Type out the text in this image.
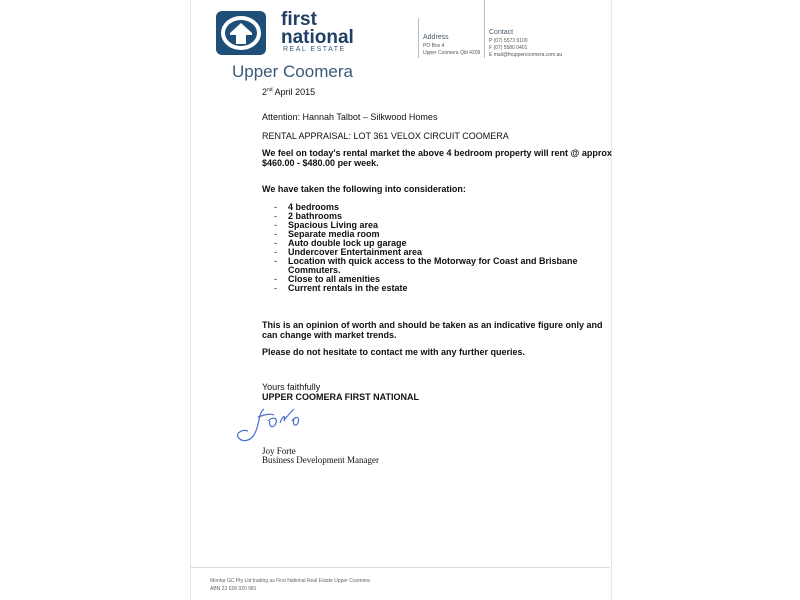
first
national
REAL ESTATE
Upper Coomera
Address
PO Box 4
Upper Coomera Qld 4209
Contact
P (07) 5573 9100
F (07) 5580 0401
E mail@fnuppercoomera.com.au
2nd April 2015
Attention: Hannah Talbot – Silkwood Homes
RENTAL APPRAISAL: LOT 361 VELOX CIRCUIT COOMERA
We feel on today's rental market the above 4 bedroom property will rent @ approx
$460.00 - $480.00 per week.
We have taken the following into consideration:
- 4 bedrooms
- 2 bathrooms
- Spacious Living area
- Separate media room
- Auto double lock up garage
- Undercover Entertainment area
- Location with quick access to the Motorway for Coast and Brisbane
Commuters.
- Close to all amenities
- Current rentals in the estate
This is an opinion of worth and should be taken as an indicative figure only and
can change with market trends.
Please do not hesitate to contact me with any further queries.
Yours faithfully
UPPER COOMERA FIRST NATIONAL
Joy Forte
Business Development Manager
Montar GC Pty Ltd trading as First National Real Estate Upper Coomera
ABN 23 628 920 981
